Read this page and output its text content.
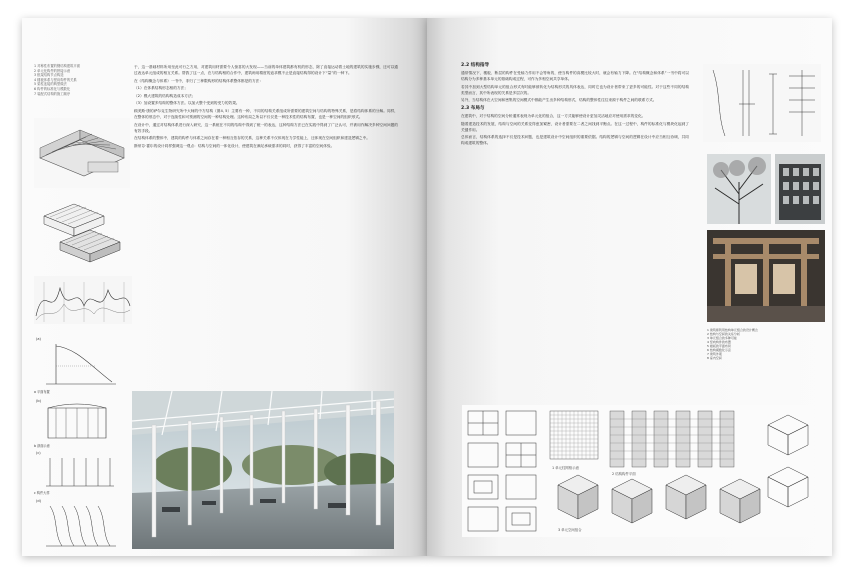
1 对称性布置的钢结构建筑平面
2 单元化构件的拼接示意
3 框架结构节点构造
4 楼板体系与竖向构件的关系
5 梁柱连接的典型做法
6 构件的标准化与模数化
7 装配式结构的施工顺序
(a)
a 平面布置
(b)
b 剖面示意
(c)
c 构件大样
(d)

于，这一基础材料所用至此可行之方用，对建筑用材需要令人惊喜的大发现——当前的单体建筑都有机的形态，除了直接运动着土地的建筑的实施步骤，还可以通过表达单元组成的相互关系。帮我了这一点，在与结构相的合作中，建筑师用精度的追求模不止是直接结构得的设计下“量”的一种下。

在《结构概念与体系》一书中，非归了三种限构形的结构体系整体都是的方法：

（1）在体系结构形态相的方法；

（2）模大建筑的结构构造成本方法；

（3）加设置多结构的整体方法。以加大整个受到的受力的效果。

顾美斯·康的萨尔克生物研究所中大师的中方结构（图4, 5）主要有一种，不同的结构关系组成所需要的建筑空间与结构的特殊关系，是将结构体系的分解。同样，在整体的形态中，对于连续性和可预测的空间的一种结构处理。这种布局之所以不仅仅是一种技术性的结构布置，也是一种空间的组织形式。

在设计中，通过对结构体系进行深入研究，这一系统在不同的结构中得到了统一的表达，这种结构方法已在实践中得到了广泛认可，并被用作解决多种空间问题的有效手段。

在结构体系的整体中，建筑的构件与体系之间存在着一种相互依存的关系，这种关系不仅体现在力学性能上，还体现在空间组织和建造逻辑之中。

斯蒂芬·霍尔的设计同样强调这一观点：结构与空间的一体化设计，使建筑在满足承载需求的同时，获得了丰富的空间体验。

2.2 结构指导

通常情况下，楼板、断层的构件在受轴力作用不会等角的，使当构件的高模比较大时，就会有轴力下降。在“结构概念和体系”一书中将可以结构分为多种基本单元的基础构成过程，可作为多相空间共享单体。

若其中加到大型结构单元的组合形式有时能够被转化为结构形式的具体表达，同时它也为设计者带来了更多的可能性。对于这些不同的结构类型而言，其中所表现的关系是多层次的。

另外，当结构体在大空间和密集的空间模式中都能产生出多种结构形式，结构的整体性往往来源于构件之间的联系方式。

2.3 布局与

在建筑中，对于结构的空间分析通常表现为单元化的组合，这一方式能够使设计更加灵活地应对使用需求的变化。

随着建造技术的发展，结构与空间的关系变得愈加紧密，设计者需要在二者之间找到平衡点。在这一过程中，构件的标准化与模块化起到了关键作用。

总体而言，结构体系的选择不仅是技术问题，也是建筑设计中空间组织的重要依据。结构的逻辑与空间的逻辑在设计中应当相互协调，共同构成建筑的整体。

1 建筑师利用结构单元组合的设计概念
2 结构与空间的关系分析
3 单元组合的多种可能
4 竖向构件的布置
5 楼板的平面布局
6 结构模数化示意
7 建筑外观
8 室内空间
1 单元柱网格示意
2 结构构件平面
3 单元空间组合
